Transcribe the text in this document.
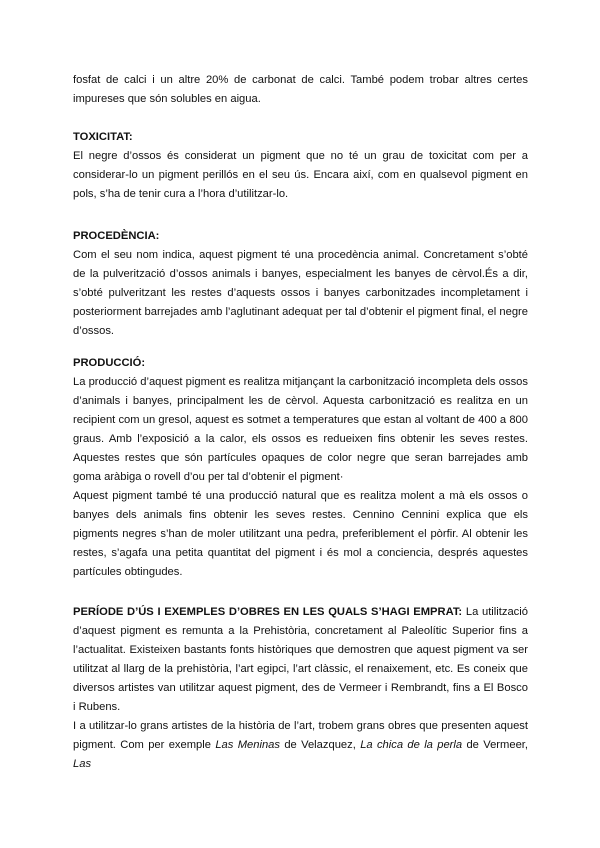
fosfat de calci i un altre 20% de carbonat de calci. També podem trobar altres certes impureses que són solubles en aigua.

TOXICITAT:

El negre d’ossos és considerat un pigment que no té un grau de toxicitat com per a considerar-lo un pigment perillós en el seu ús. Encara així, com en qualsevol pigment en pols, s’ha de tenir cura a l’hora d’utilitzar-lo.

PROCEDÈNCIA:

Com el seu nom indica, aquest pigment té una procedència animal. Concretament s’obté de la pulverització d’ossos animals i banyes, especialment les banyes de cèrvol.És a dir, s’obté pulveritzant les restes d’aquests ossos i banyes carbonitzades incompletament i posteriorment barrejades amb l’aglutinant adequat per tal d’obtenir el pigment final, el negre d’ossos.

PRODUCCIÓ:

La producció d’aquest pigment es realitza mitjançant la carbonització incompleta dels ossos d’animals i banyes, principalment les de cèrvol. Aquesta carbonització es realitza en un recipient com un gresol, aquest es sotmet a temperatures que estan al voltant de 400 a 800 graus. Amb l’exposició a la calor, els ossos es redueixen fins obtenir les seves restes. Aquestes restes que són partícules opaques de color negre que seran barrejades amb goma aràbiga o rovell d’ou per tal d’obtenir el pigment·

Aquest pigment també té una producció natural que es realitza molent a mà els ossos o banyes dels animals fins obtenir les seves restes. Cennino Cennini explica que els pigments negres s’han de moler utilitzant una pedra, preferiblement el pòrfir. Al obtenir les restes, s’agafa una petita quantitat del pigment i és mol a conciencia, després aquestes partícules obtingudes.

PERÍODE D’ÚS I EXEMPLES D’OBRES EN LES QUALS S’HAGI EMPRAT: La utilització d’aquest pigment es remunta a la Prehistòria, concretament al Paleolític Superior fins a l’actualitat. Existeixen bastants fonts històriques que demostren que aquest pigment va ser utilitzat al llarg de la prehistòria, l’art egipci, l’art clàssic, el renaixement, etc. Es coneix que diversos artistes van utilitzar aquest pigment, des de Vermeer i Rembrandt, fins a El Bosco i Rubens.

I a utilitzar-lo grans artistes de la història de l’art, trobem grans obres que presenten aquest pigment. Com per exemple Las Meninas de Velazquez, La chica de la perla de Vermeer, Las
